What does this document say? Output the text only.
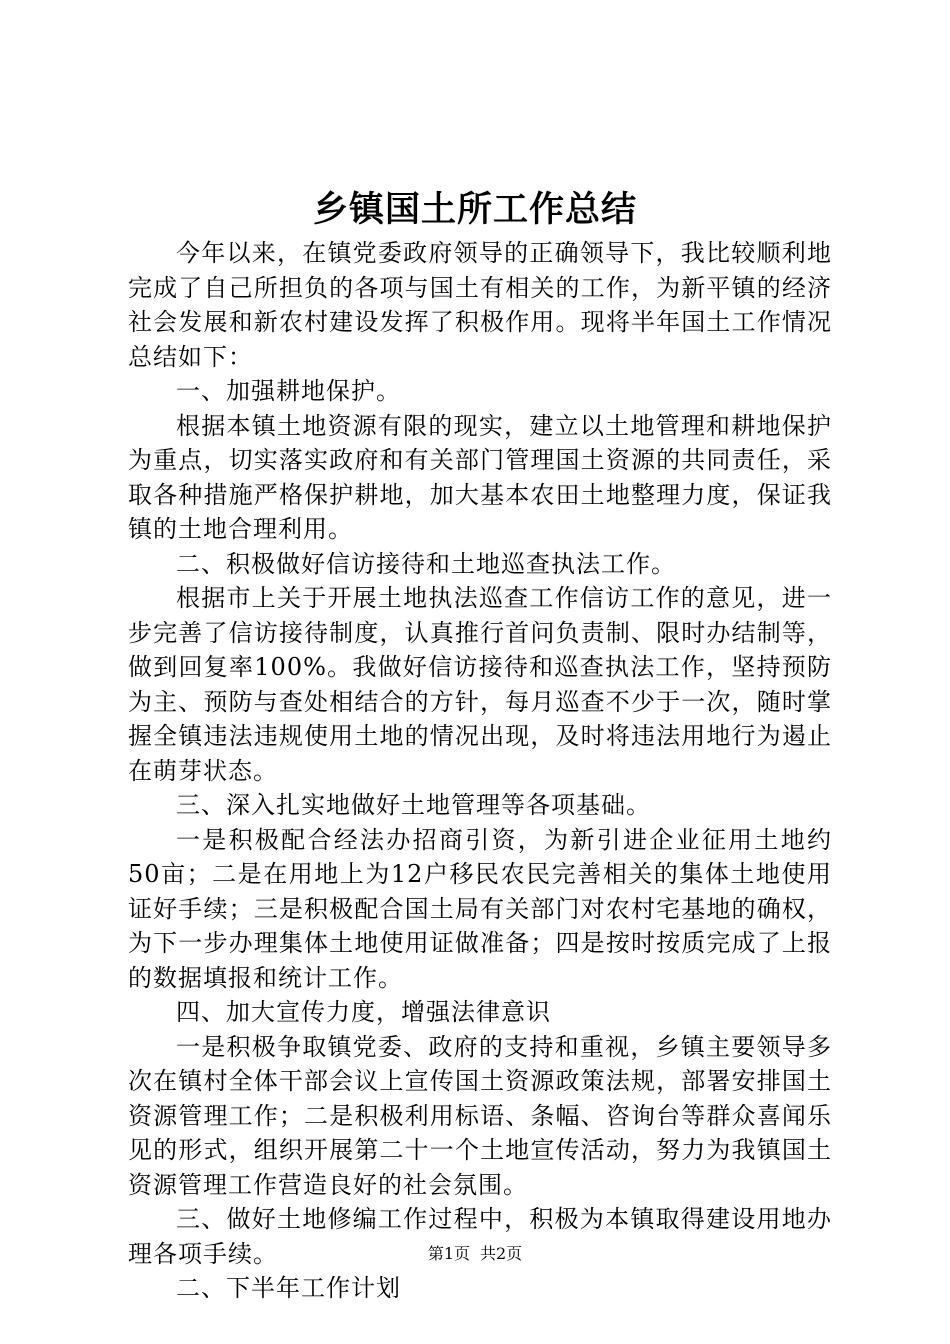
乡镇国土所工作总结

今年以来，在镇党委政府领导的正确领导下，我比较顺利地完成了自己所担负的各项与国土有相关的工作，为新平镇的经济社会发展和新农村建设发挥了积极作用。现将半年国土工作情况总结如下：

一、加强耕地保护。

根据本镇土地资源有限的现实，建立以土地管理和耕地保护为重点，切实落实政府和有关部门管理国土资源的共同责任，采取各种措施严格保护耕地，加大基本农田土地整理力度，保证我镇的土地合理利用。

二、积极做好信访接待和土地巡查执法工作。

根据市上关于开展土地执法巡查工作信访工作的意见，进一步完善了信访接待制度，认真推行首问负责制、限时办结制等，做到回复率100%。我做好信访接待和巡查执法工作，坚持预防为主、预防与查处相结合的方针，每月巡查不少于一次，随时掌握全镇违法违规使用土地的情况出现，及时将违法用地行为遏止在萌芽状态。

三、深入扎实地做好土地管理等各项基础。

一是积极配合经法办招商引资，为新引进企业征用土地约50亩；二是在用地上为12户移民农民完善相关的集体土地使用证好手续；三是积极配合国土局有关部门对农村宅基地的确权，为下一步办理集体土地使用证做准备；四是按时按质完成了上报的数据填报和统计工作。

四、加大宣传力度，增强法律意识

一是积极争取镇党委、政府的支持和重视，乡镇主要领导多次在镇村全体干部会议上宣传国土资源政策法规，部署安排国土资源管理工作；二是积极利用标语、条幅、咨询台等群众喜闻乐见的形式，组织开展第二十一个土地宣传活动，努力为我镇国土资源管理工作营造良好的社会氛围。

三、做好土地修编工作过程中，积极为本镇取得建设用地办理各项手续。

二、下半年工作计划

第1页 共2页
